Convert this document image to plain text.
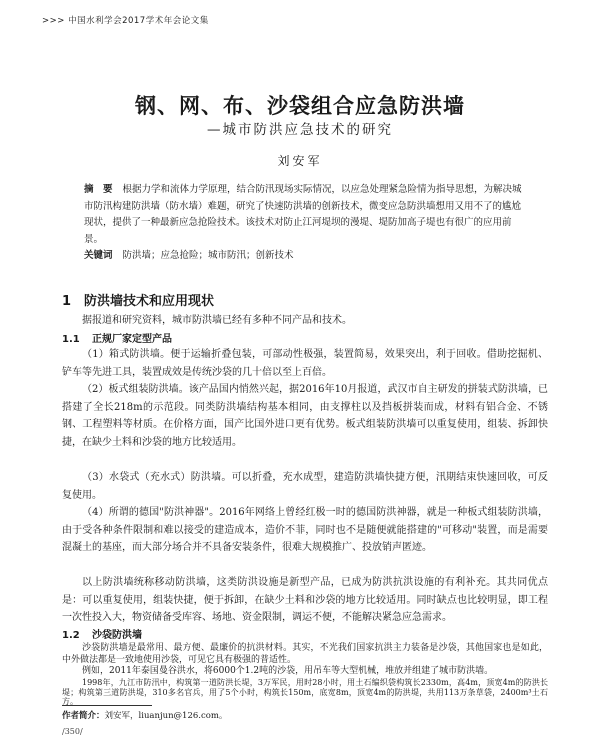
>>> 中国水利学会2017学术年会论文集
钢、网、布、沙袋组合应急防洪墙
—城市防洪应急技术的研究
刘安军
摘　要 根据力学和流体力学原理，结合防汛现场实际情况，以应急处理紧急险情为指导思想，为解决城市防汛构建防洪墙（防水墙）难题，研究了快速防洪墙的创新技术，微变应急防洪墙想用又用不了的尴尬现状，提供了一种最新应急抢险技术。该技术对防止江河堤坝的漫堤、堤防加高子堤也有很广的应用前景。
关键词 防洪墙；应急抢险；城市防汛；创新技术
1 防洪墙技术和应用现状
据报道和研究资料，城市防洪墙已经有多种不同产品和技术。
1.1 正规厂家定型产品
（1）箱式防洪墙。便于运输折叠包装，可部动性极强，装置简易，效果突出，利于回收。借助挖掘机、铲车等先进工具，装置成效是传统沙袋的几十倍以至上百倍。
（2）板式组装防洪墙。该产品国内悄然兴起，据2016年10月报道，武汉市自主研发的拼装式防洪墙，已搭建了全长218m的示范段。同类防洪墙结构基本相同，由支撑柱以及挡板拼装而成，材料有铝合金、不锈钢、工程塑料等材质。在价格方面，国产比国外进口更有优势。板式组装防洪墙可以重复使用，组装、拆卸快捷，在缺少土料和沙袋的地方比较适用。
（3）水袋式（充水式）防洪墙。可以折叠，充水成型，建造防洪墙快捷方便，汛期结束快速回收，可反复使用。
（4）所谓的德国"防洪神器"。2016年网络上曾经红极一时的德国防洪神器，就是一种板式组装防洪墙，由于受各种条件限制和难以接受的建造成本，造价不菲，同时也不是随便就能搭建的"可移动"装置，而是需要混凝土的基座，而大部分场合并不具备安装条件，很难大规模推广、投放销声匿迹。
以上防洪墙统称移动防洪墙，这类防洪设施是新型产品，已成为防洪抗洪设施的有利补充。其共同优点是：可以重复使用，组装快捷，便于拆卸，在缺少土料和沙袋的地方比较适用。同时缺点也比较明显，即工程一次性投入大，物资储备受库容、场地、资金限制，调运不便，不能解决紧急应急需求。
1.2 沙袋防洪墙
沙袋防洪墙是最常用、最方便、最廉价的抗洪材料。其实，不光我们国家抗洪主力装备是沙袋，其他国家也是如此，中外做法都是一致地使用沙袋，可见它具有极强的普适性。
例如，2011年泰国曼谷洪水，将6000个1.2吨的沙袋，用吊车等大型机械，堆放并组建了城市防洪墙。
1998年，九江市防汛中，构筑第一道防洪长堤，3万军民，用时28小时，用土石编织袋构筑长2330m，高4m，顶宽4m的防洪长堤；构筑第三道防洪堤，310多名官兵，用了5个小时，构筑长150m，底宽8m，顶宽4m的防洪堤，共用113万条草袋，2400m³土石方。
作者简介：刘安军，liuanjun@126.com。
/350/
